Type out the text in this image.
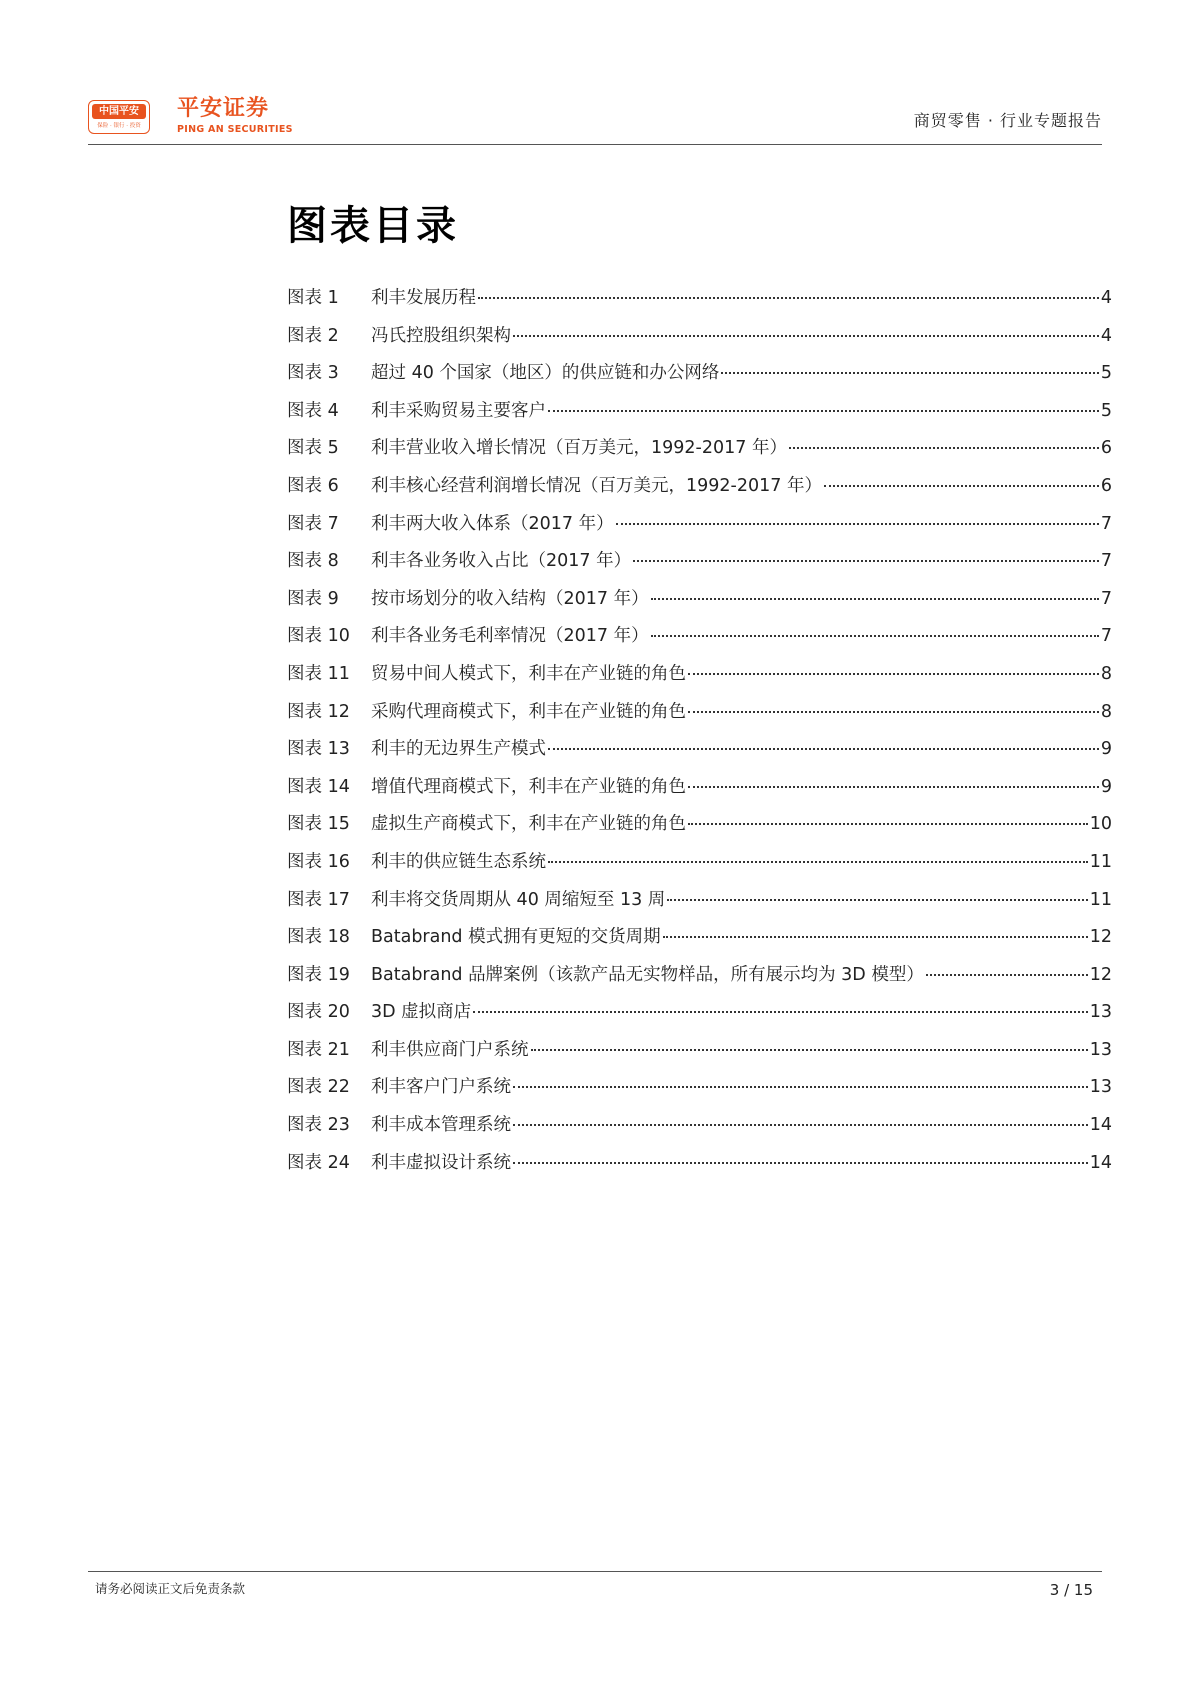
中国平安
保险 · 银行 · 投资
平安证券
PING AN SECURITIES	商贸零售 · 行业专题报告
图表目录
图表 1	利丰发展历程	4
图表 2	冯氏控股组织架构	4
图表 3	超过 40 个国家（地区）的供应链和办公网络	5
图表 4	利丰采购贸易主要客户	5
图表 5	利丰营业收入增长情况（百万美元，1992-2017 年）	6
图表 6	利丰核心经营利润增长情况（百万美元，1992-2017 年）	6
图表 7	利丰两大收入体系（2017 年）	7
图表 8	利丰各业务收入占比（2017 年）	7
图表 9	按市场划分的收入结构（2017 年）	7
图表 10	利丰各业务毛利率情况（2017 年）	7
图表 11	贸易中间人模式下，利丰在产业链的角色	8
图表 12	采购代理商模式下，利丰在产业链的角色	8
图表 13	利丰的无边界生产模式	9
图表 14	增值代理商模式下，利丰在产业链的角色	9
图表 15	虚拟生产商模式下，利丰在产业链的角色	10
图表 16	利丰的供应链生态系统	11
图表 17	利丰将交货周期从 40 周缩短至 13 周	11
图表 18	Batabrand 模式拥有更短的交货周期	12
图表 19	Batabrand 品牌案例（该款产品无实物样品，所有展示均为 3D 模型）	12
图表 20	3D 虚拟商店	13
图表 21	利丰供应商门户系统	13
图表 22	利丰客户门户系统	13
图表 23	利丰成本管理系统	14
图表 24	利丰虚拟设计系统	14
请务必阅读正文后免责条款	3 / 15
